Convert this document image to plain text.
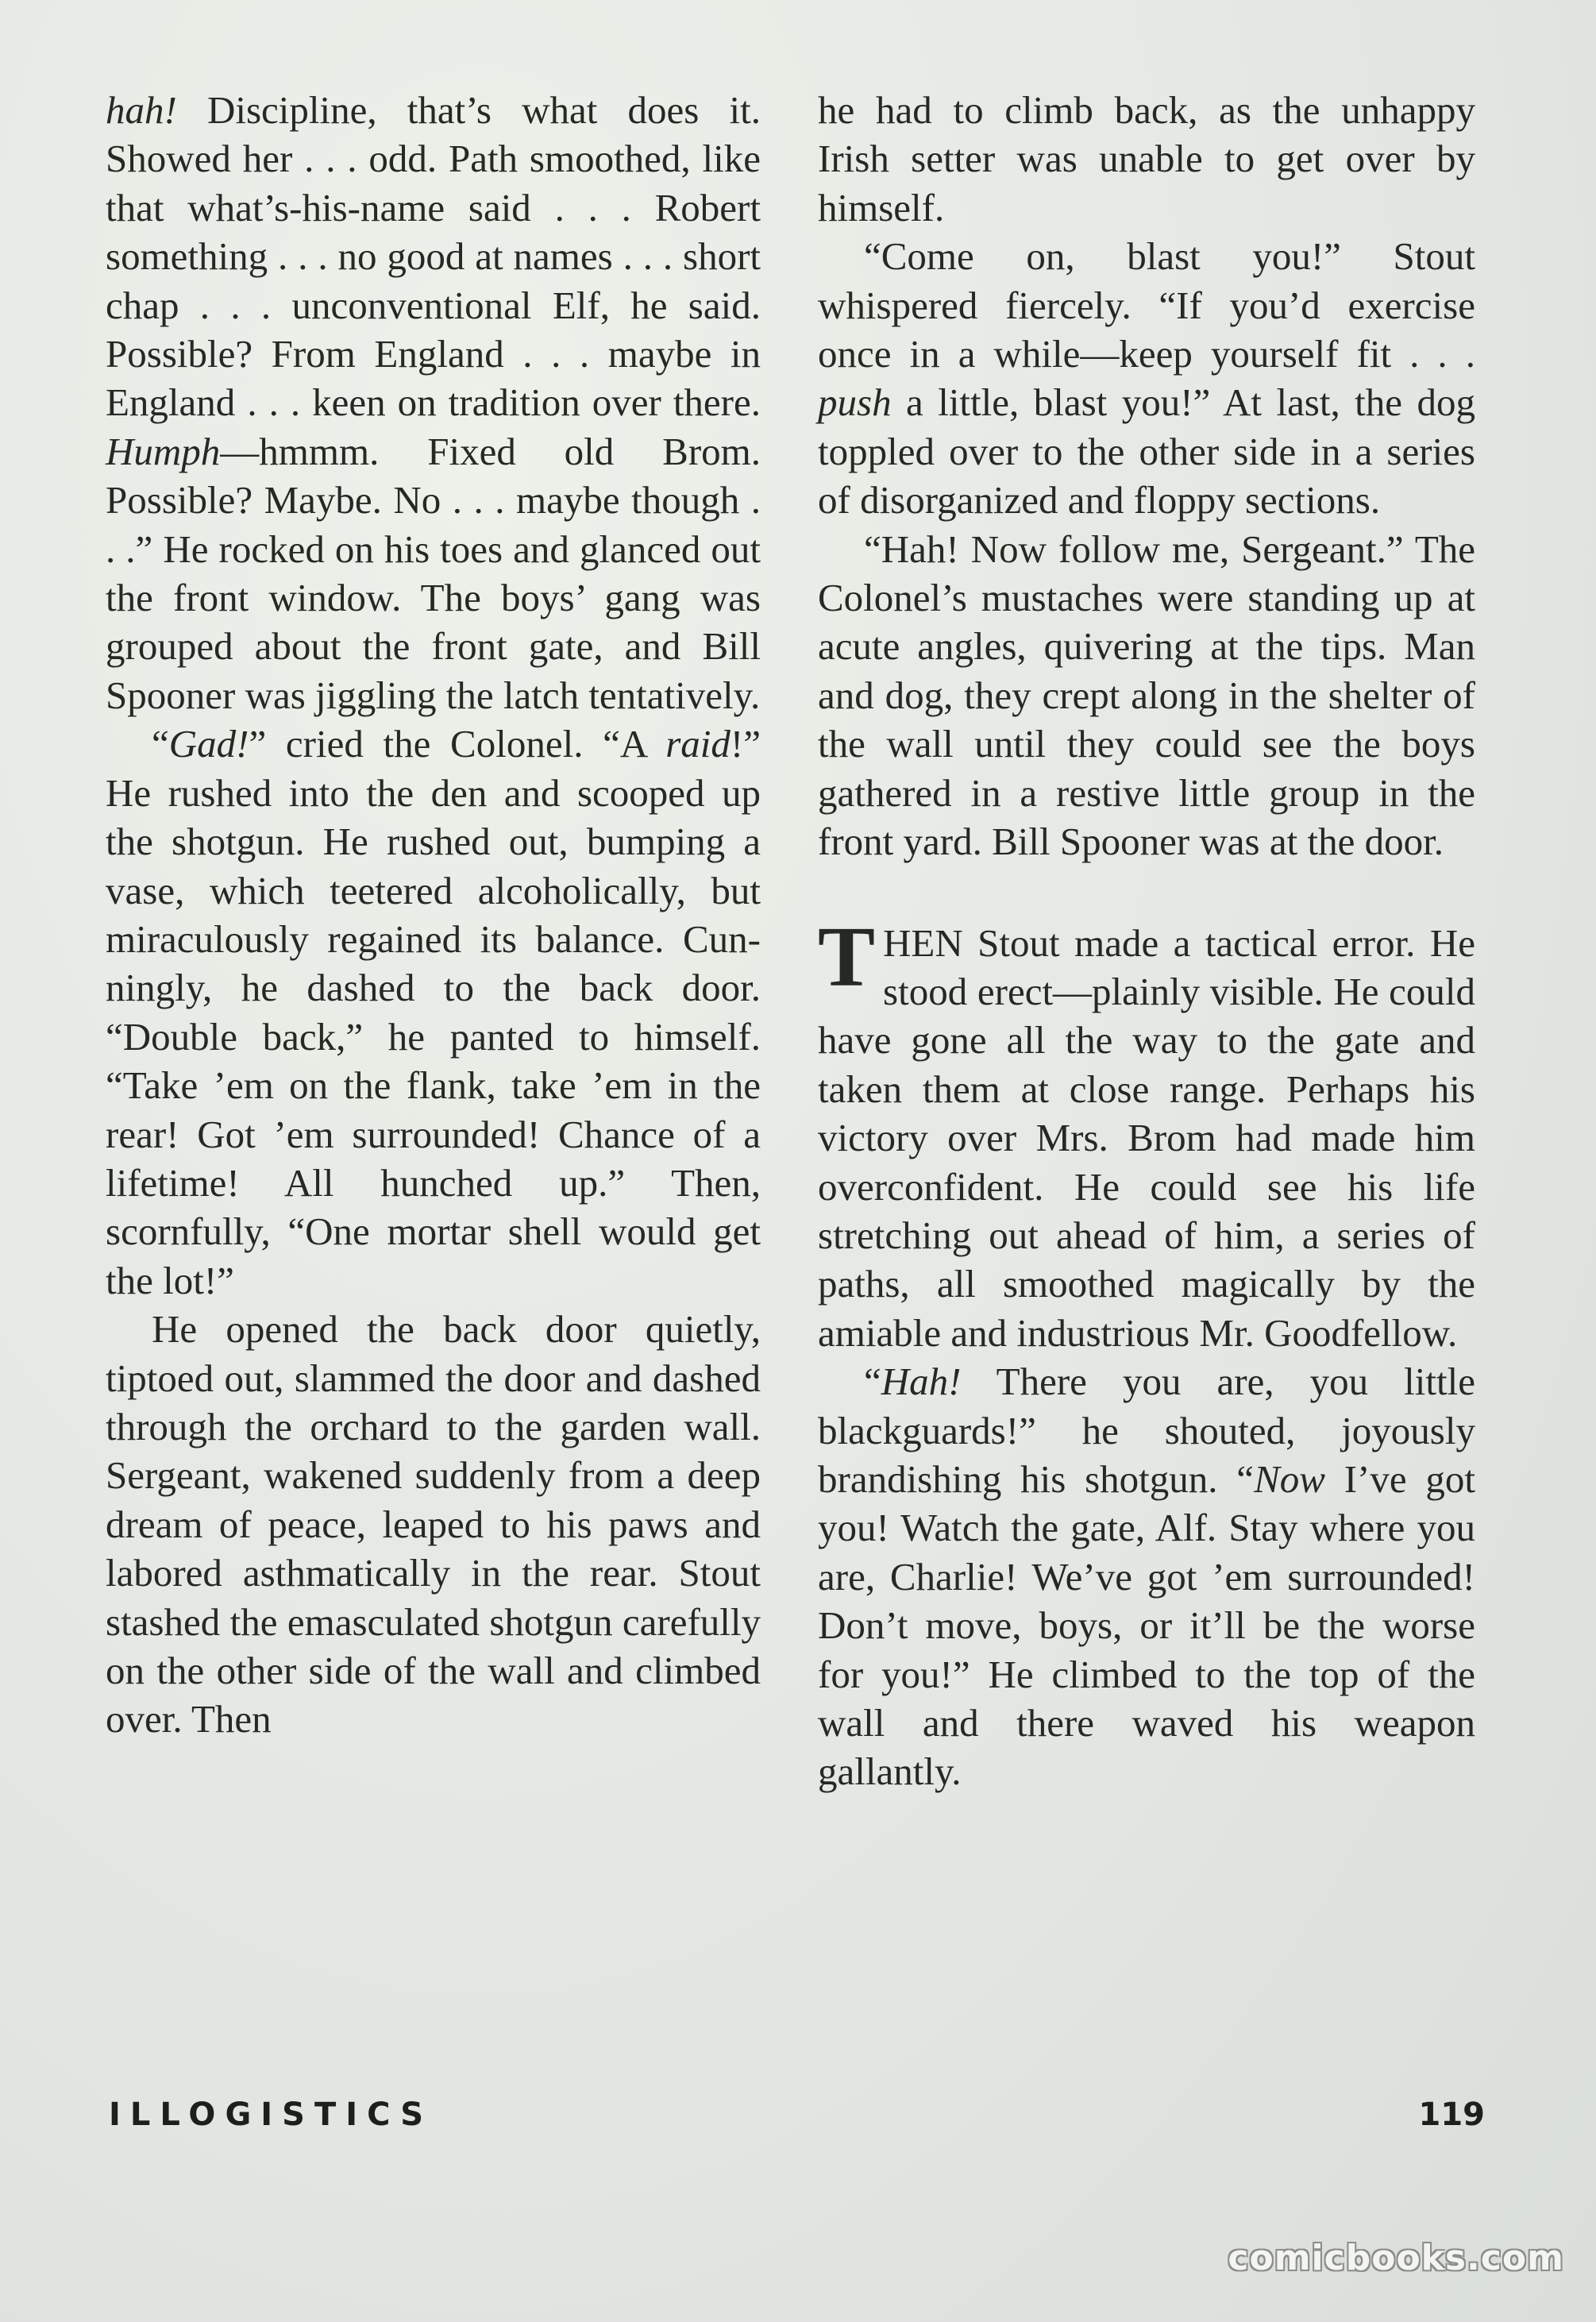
hah! Discipline, that’s what does it. Showed her . . . odd. Path smoothed, like that what’s-his-name said . . . Robert something . . . no good at names . . . short chap . . . unconventional Elf, he said. Possible? From England . . . maybe in England . . . keen on tradition over there. Humph—hmmm. Fixed old Brom. Possible? Maybe. No . . . maybe though . . .” He rocked on his toes and glanced out the front window. The boys’ gang was grouped about the front gate, and Bill Spooner was jiggling the latch tentatively.

“Gad!” cried the Colonel. “A raid!” He rushed into the den and scooped up the shotgun. He rushed out, bumping a vase, which teetered alcoholically, but miraculously regained its balance. Cunningly, he dashed to the back door. “Double back,” he panted to himself. “Take ’em on the flank, take ’em in the rear! Got ’em surrounded! Chance of a lifetime! All hunched up.” Then, scornfully, “One mortar shell would get the lot!”

He opened the back door quietly, tiptoed out, slammed the door and dashed through the orchard to the garden wall. Sergeant, wakened suddenly from a deep dream of peace, leaped to his paws and labored asthmatically in the rear. Stout stashed the emasculated shotgun carefully on the other side of the wall and climbed over. Then

he had to climb back, as the unhappy Irish setter was unable to get over by himself.

“Come on, blast you!” Stout whispered fiercely. “If you’d exercise once in a while—keep yourself fit . . . push a little, blast you!” At last, the dog toppled over to the other side in a series of disorganized and floppy sections.

“Hah! Now follow me, Sergeant.” The Colonel’s mustaches were standing up at acute angles, quivering at the tips. Man and dog, they crept along in the shelter of the wall until they could see the boys gathered in a restive little group in the front yard. Bill Spooner was at the door.

THEN Stout made a tactical error. He stood erect—plainly visible. He could have gone all the way to the gate and taken them at close range. Perhaps his victory over Mrs. Brom had made him overconfident. He could see his life stretching out ahead of him, a series of paths, all smoothed magically by the amiable and industrious Mr. Goodfellow.

“Hah! There you are, you little blackguards!” he shouted, joyously brandishing his shotgun. “Now I’ve got you! Watch the gate, Alf. Stay where you are, Charlie! We’ve got ’em surrounded! Don’t move, boys, or it’ll be the worse for you!” He climbed to the top of the wall and there waved his weapon gallantly.

ILLOGISTICS	119
comicbooks.com
